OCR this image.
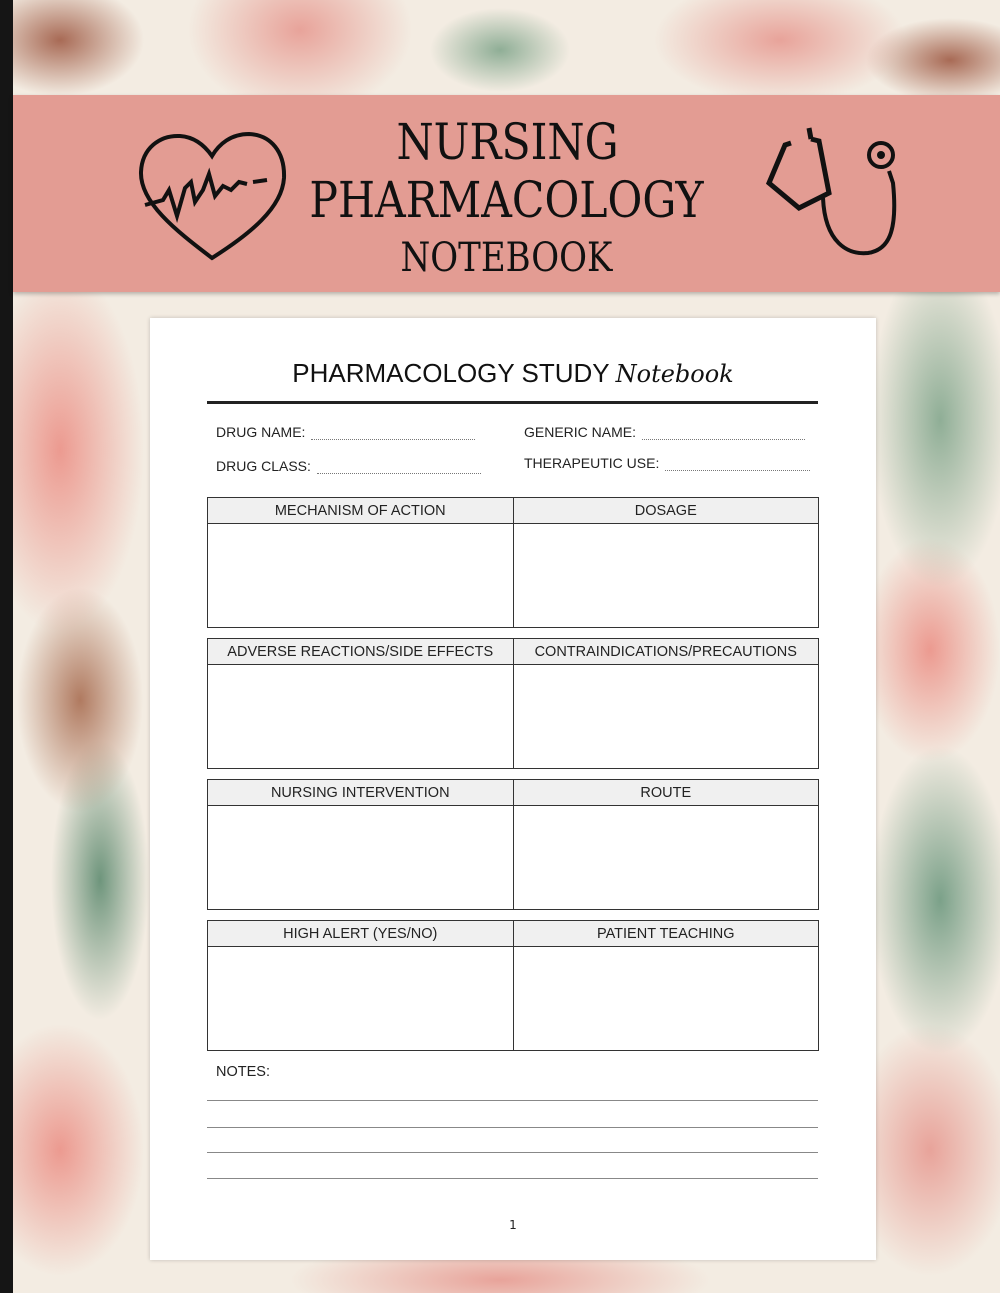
NURSING
PHARMACOLOGY
NOTEBOOK
PHARMACOLOGY STUDY Notebook
DRUG NAME:	GENERIC NAME:
DRUG CLASS:	THERAPEUTIC USE:
MECHANISM OF ACTION	DOSAGE
ADVERSE REACTIONS/SIDE EFFECTS	CONTRAINDICATIONS/PRECAUTIONS
NURSING INTERVENTION	ROUTE
HIGH ALERT (YES/NO)	PATIENT TEACHING
NOTES:
1
